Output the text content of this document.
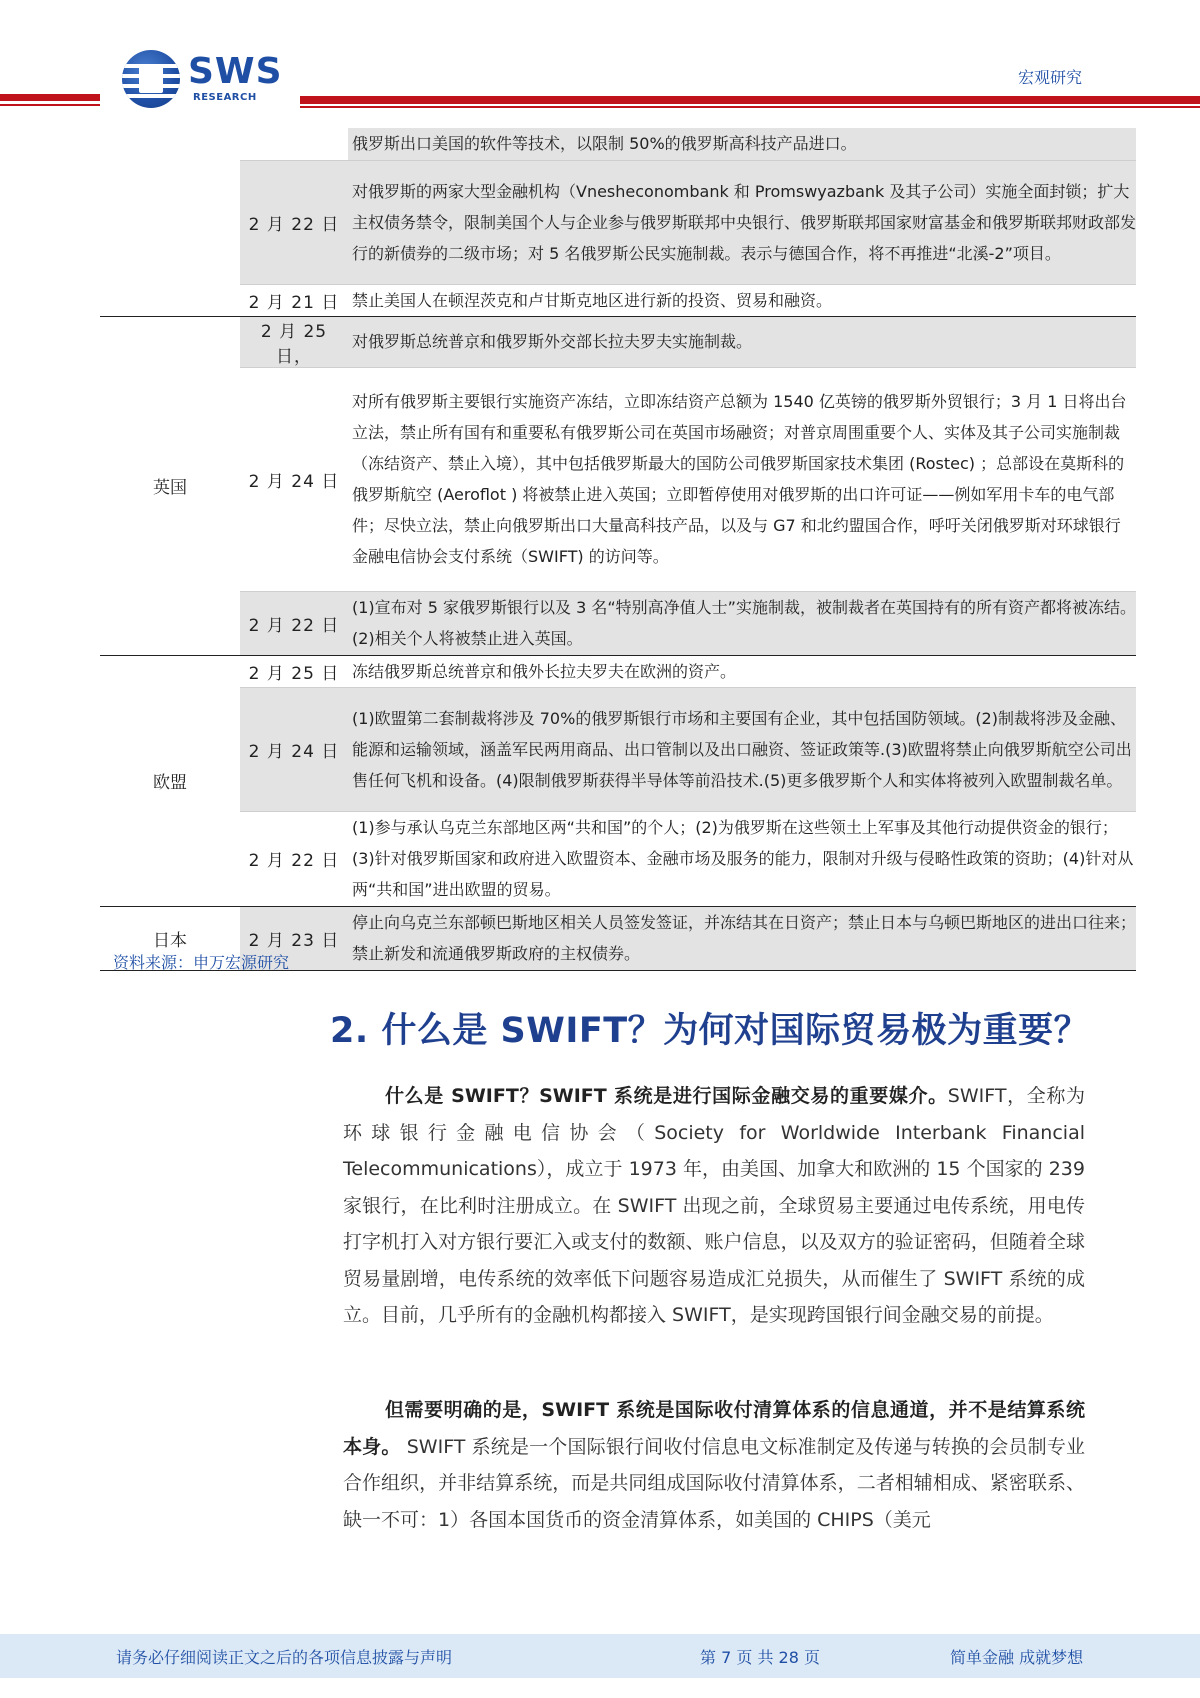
SWS
RESEARCH
宏观研究
		俄罗斯出口美国的软件等技术，以限制 50%的俄罗斯高科技产品进口。
	2 月 22 日	对俄罗斯的两家大型金融机构（Vnesheconombank 和 Promswyazbank 及其子公司）实施全面封锁；扩大主权债务禁令，限制美国个人与企业参与俄罗斯联邦中央银行、俄罗斯联邦国家财富基金和俄罗斯联邦财政部发行的新债券的二级市场；对 5 名俄罗斯公民实施制裁。表示与德国合作，将不再推进“北溪-2”项目。
	2 月 21 日	禁止美国人在顿涅茨克和卢甘斯克地区进行新的投资、贸易和融资。
英国	2 月 25 日，	对俄罗斯总统普京和俄罗斯外交部长拉夫罗夫实施制裁。
	2 月 24 日	对所有俄罗斯主要银行实施资产冻结，立即冻结资产总额为 1540 亿英镑的俄罗斯外贸银行；3 月 1 日将出台立法，禁止所有国有和重要私有俄罗斯公司在英国市场融资；对普京周围重要个人、实体及其子公司实施制裁（冻结资产、禁止入境），其中包括俄罗斯最大的国防公司俄罗斯国家技术集团 (Rostec) ；总部设在莫斯科的俄罗斯航空 (Aeroflot ) 将被禁止进入英国；立即暂停使用对俄罗斯的出口许可证——例如军用卡车的电气部件；尽快立法，禁止向俄罗斯出口大量高科技产品，以及与 G7 和北约盟国合作，呼吁关闭俄罗斯对环球银行金融电信协会支付系统（SWIFT) 的访问等。
	2 月 22 日	(1)宣布对 5 家俄罗斯银行以及 3 名“特别高净值人士”实施制裁，被制裁者在英国持有的所有资产都将被冻结。(2)相关个人将被禁止进入英国。
欧盟	2 月 25 日	冻结俄罗斯总统普京和俄外长拉夫罗夫在欧洲的资产。
	2 月 24 日	(1)欧盟第二套制裁将涉及 70%的俄罗斯银行市场和主要国有企业，其中包括国防领域。(2)制裁将涉及金融、能源和运输领域，涵盖军民两用商品、出口管制以及出口融资、签证政策等.(3)欧盟将禁止向俄罗斯航空公司出售任何飞机和设备。(4)限制俄罗斯获得半导体等前沿技术.(5)更多俄罗斯个人和实体将被列入欧盟制裁名单。
	2 月 22 日	(1)参与承认乌克兰东部地区两“共和国”的个人；(2)为俄罗斯在这些领土上军事及其他行动提供资金的银行；(3)针对俄罗斯国家和政府进入欧盟资本、金融市场及服务的能力，限制对升级与侵略性政策的资助；(4)针对从两“共和国”进出欧盟的贸易。
日本	2 月 23 日	停止向乌克兰东部顿巴斯地区相关人员签发签证，并冻结其在日资产；禁止日本与乌顿巴斯地区的进出口往来；禁止新发和流通俄罗斯政府的主权债券。
资料来源：申万宏源研究
2. 什么是 SWIFT？为何对国际贸易极为重要？

什么是 SWIFT？SWIFT 系统是进行国际金融交易的重要媒介。SWIFT，全称为环球银行金融电信协会（Society for Worldwide Interbank Financial Telecommunications），成立于 1973 年，由美国、加拿大和欧洲的 15 个国家的 239 家银行，在比利时注册成立。在 SWIFT 出现之前，全球贸易主要通过电传系统，用电传打字机打入对方银行要汇入或支付的数额、账户信息，以及双方的验证密码，但随着全球贸易量剧增，电传系统的效率低下问题容易造成汇兑损失，从而催生了 SWIFT 系统的成立。目前，几乎所有的金融机构都接入 SWIFT，是实现跨国银行间金融交易的前提。

但需要明确的是，SWIFT 系统是国际收付清算体系的信息通道，并不是结算系统本身。 SWIFT 系统是一个国际银行间收付信息电文标准制定及传递与转换的会员制专业合作组织，并非结算系统，而是共同组成国际收付清算体系，二者相辅相成、紧密联系、缺一不可：1）各国本国货币的资金清算体系，如美国的 CHIPS（美元

请务必仔细阅读正文之后的各项信息披露与声明	第 7 页 共 28 页	简单金融 成就梦想
